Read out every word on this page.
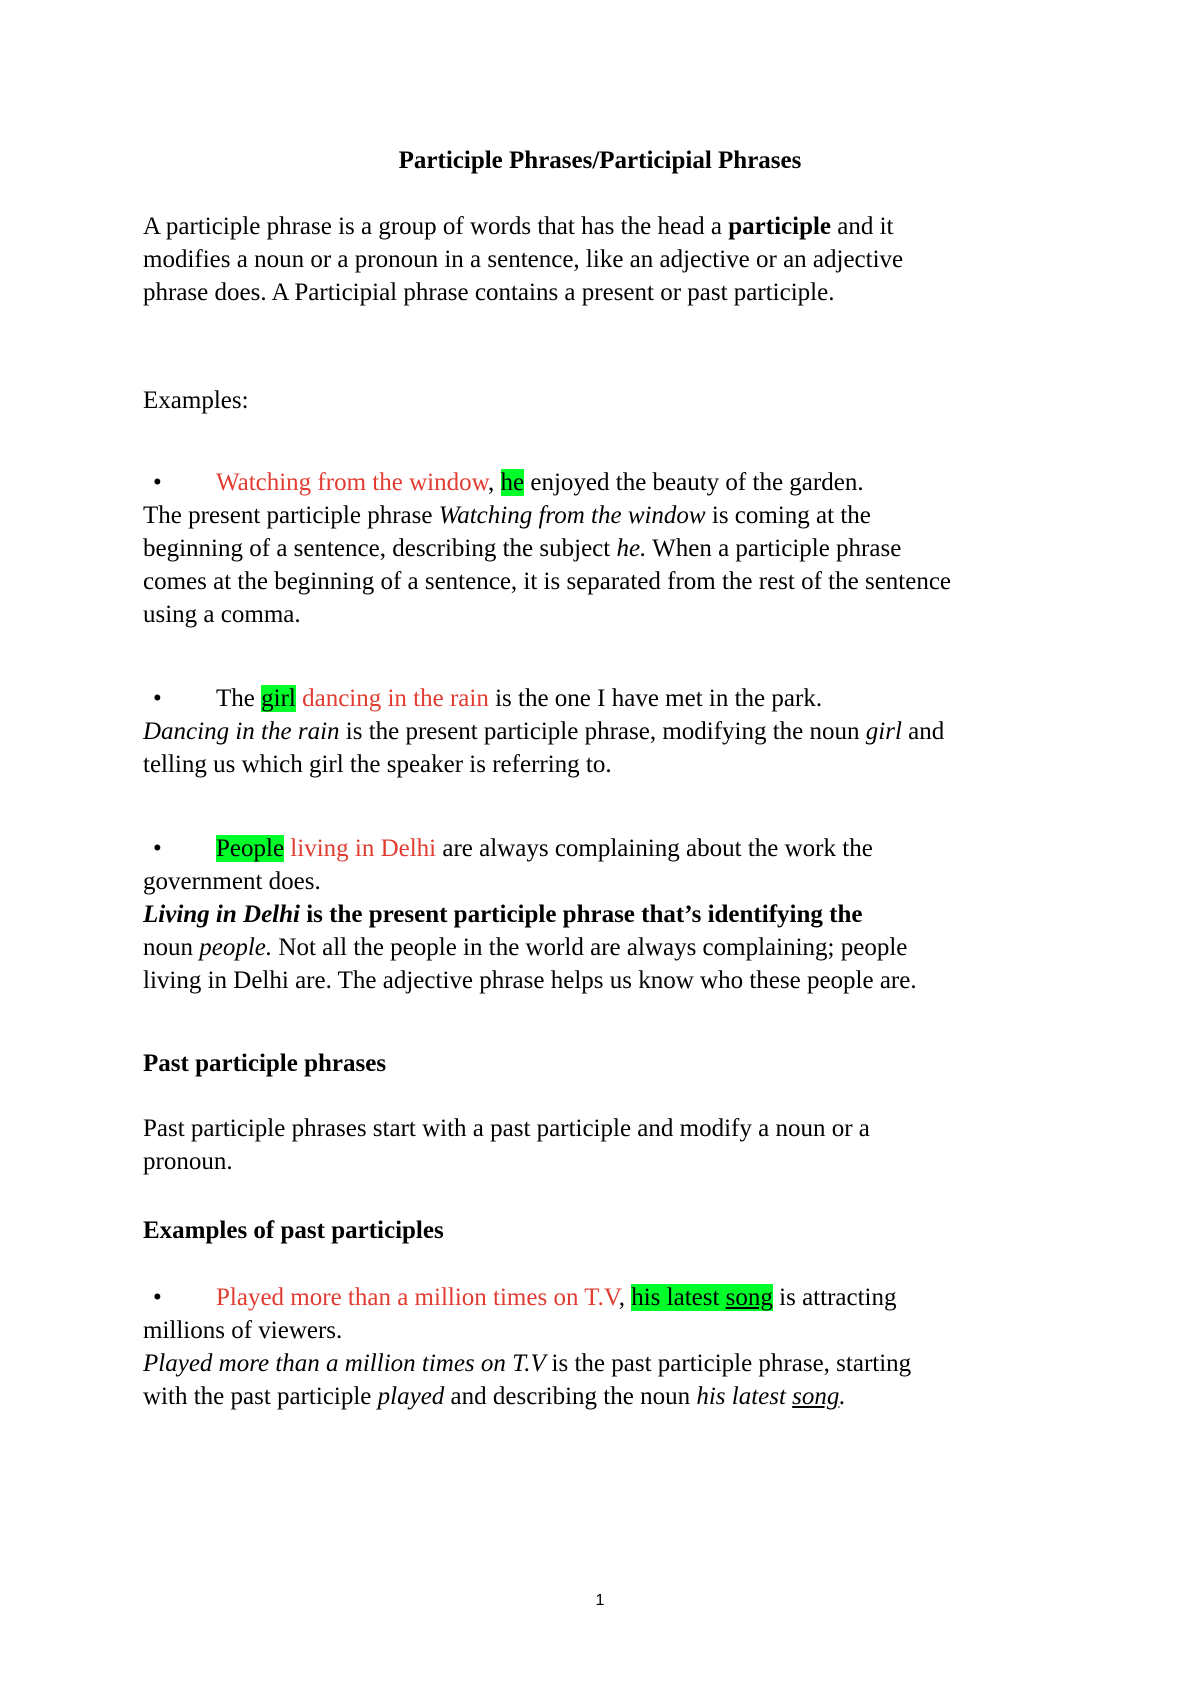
Participle Phrases/Participial Phrases
A participle phrase is a group of words that has the head a participle and it
modifies a noun or a pronoun in a sentence, like an adjective or an adjective
phrase does. A Participial phrase contains a present or past participle.
Examples:
• Watching from the window, he enjoyed the beauty of the garden.
The present participle phrase Watching from the window is coming at the
beginning of a sentence, describing the subject he. When a participle phrase
comes at the beginning of a sentence, it is separated from the rest of the sentence
using a comma.
• The girl dancing in the rain is the one I have met in the park.
Dancing in the rain is the present participle phrase, modifying the noun girl and
telling us which girl the speaker is referring to.
• People living in Delhi are always complaining about the work the
government does.
Living in Delhi is the present participle phrase that’s identifying the
noun people. Not all the people in the world are always complaining; people
living in Delhi are. The adjective phrase helps us know who these people are.
Past participle phrases
Past participle phrases start with a past participle and modify a noun or a
pronoun.
Examples of past participles
• Played more than a million times on T.V, his latest song is attracting
millions of viewers.
Played more than a million times on T.V is the past participle phrase, starting
with the past participle played and describing the noun his latest song.
1
